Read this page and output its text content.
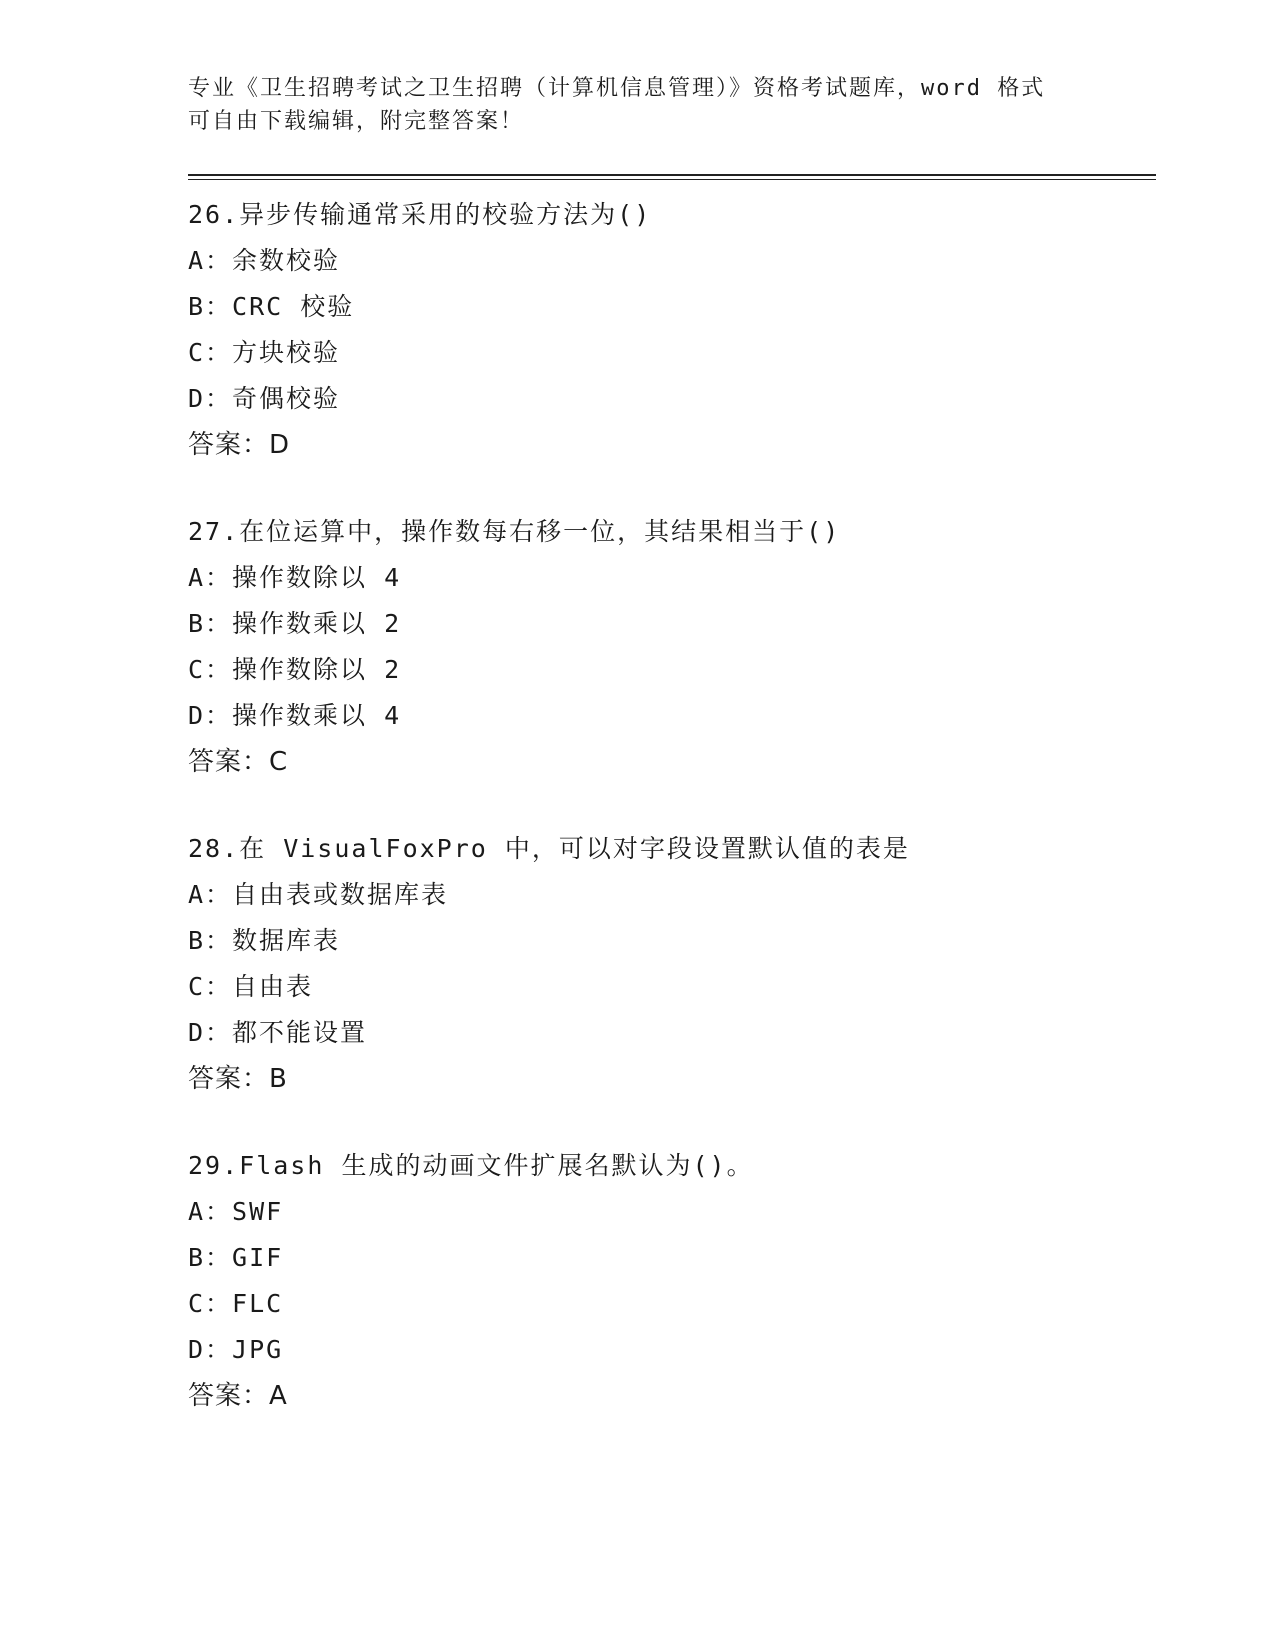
专业《卫生招聘考试之卫生招聘（计算机信息管理）》资格考试题库，word 格式
可自由下载编辑，附完整答案！

26.异步传输通常采用的校验方法为()
A：余数校验
B：CRC 校验
C：方块校验
D：奇偶校验
答案：D
27.在位运算中，操作数每右移一位，其结果相当于()
A：操作数除以 4
B：操作数乘以 2
C：操作数除以 2
D：操作数乘以 4
答案：C
28.在 VisualFoxPro 中，可以对字段设置默认值的表是
A：自由表或数据库表
B：数据库表
C：自由表
D：都不能设置
答案：B
29.Flash 生成的动画文件扩展名默认为()。
A：SWF
B：GIF
C：FLC
D：JPG
答案：A
